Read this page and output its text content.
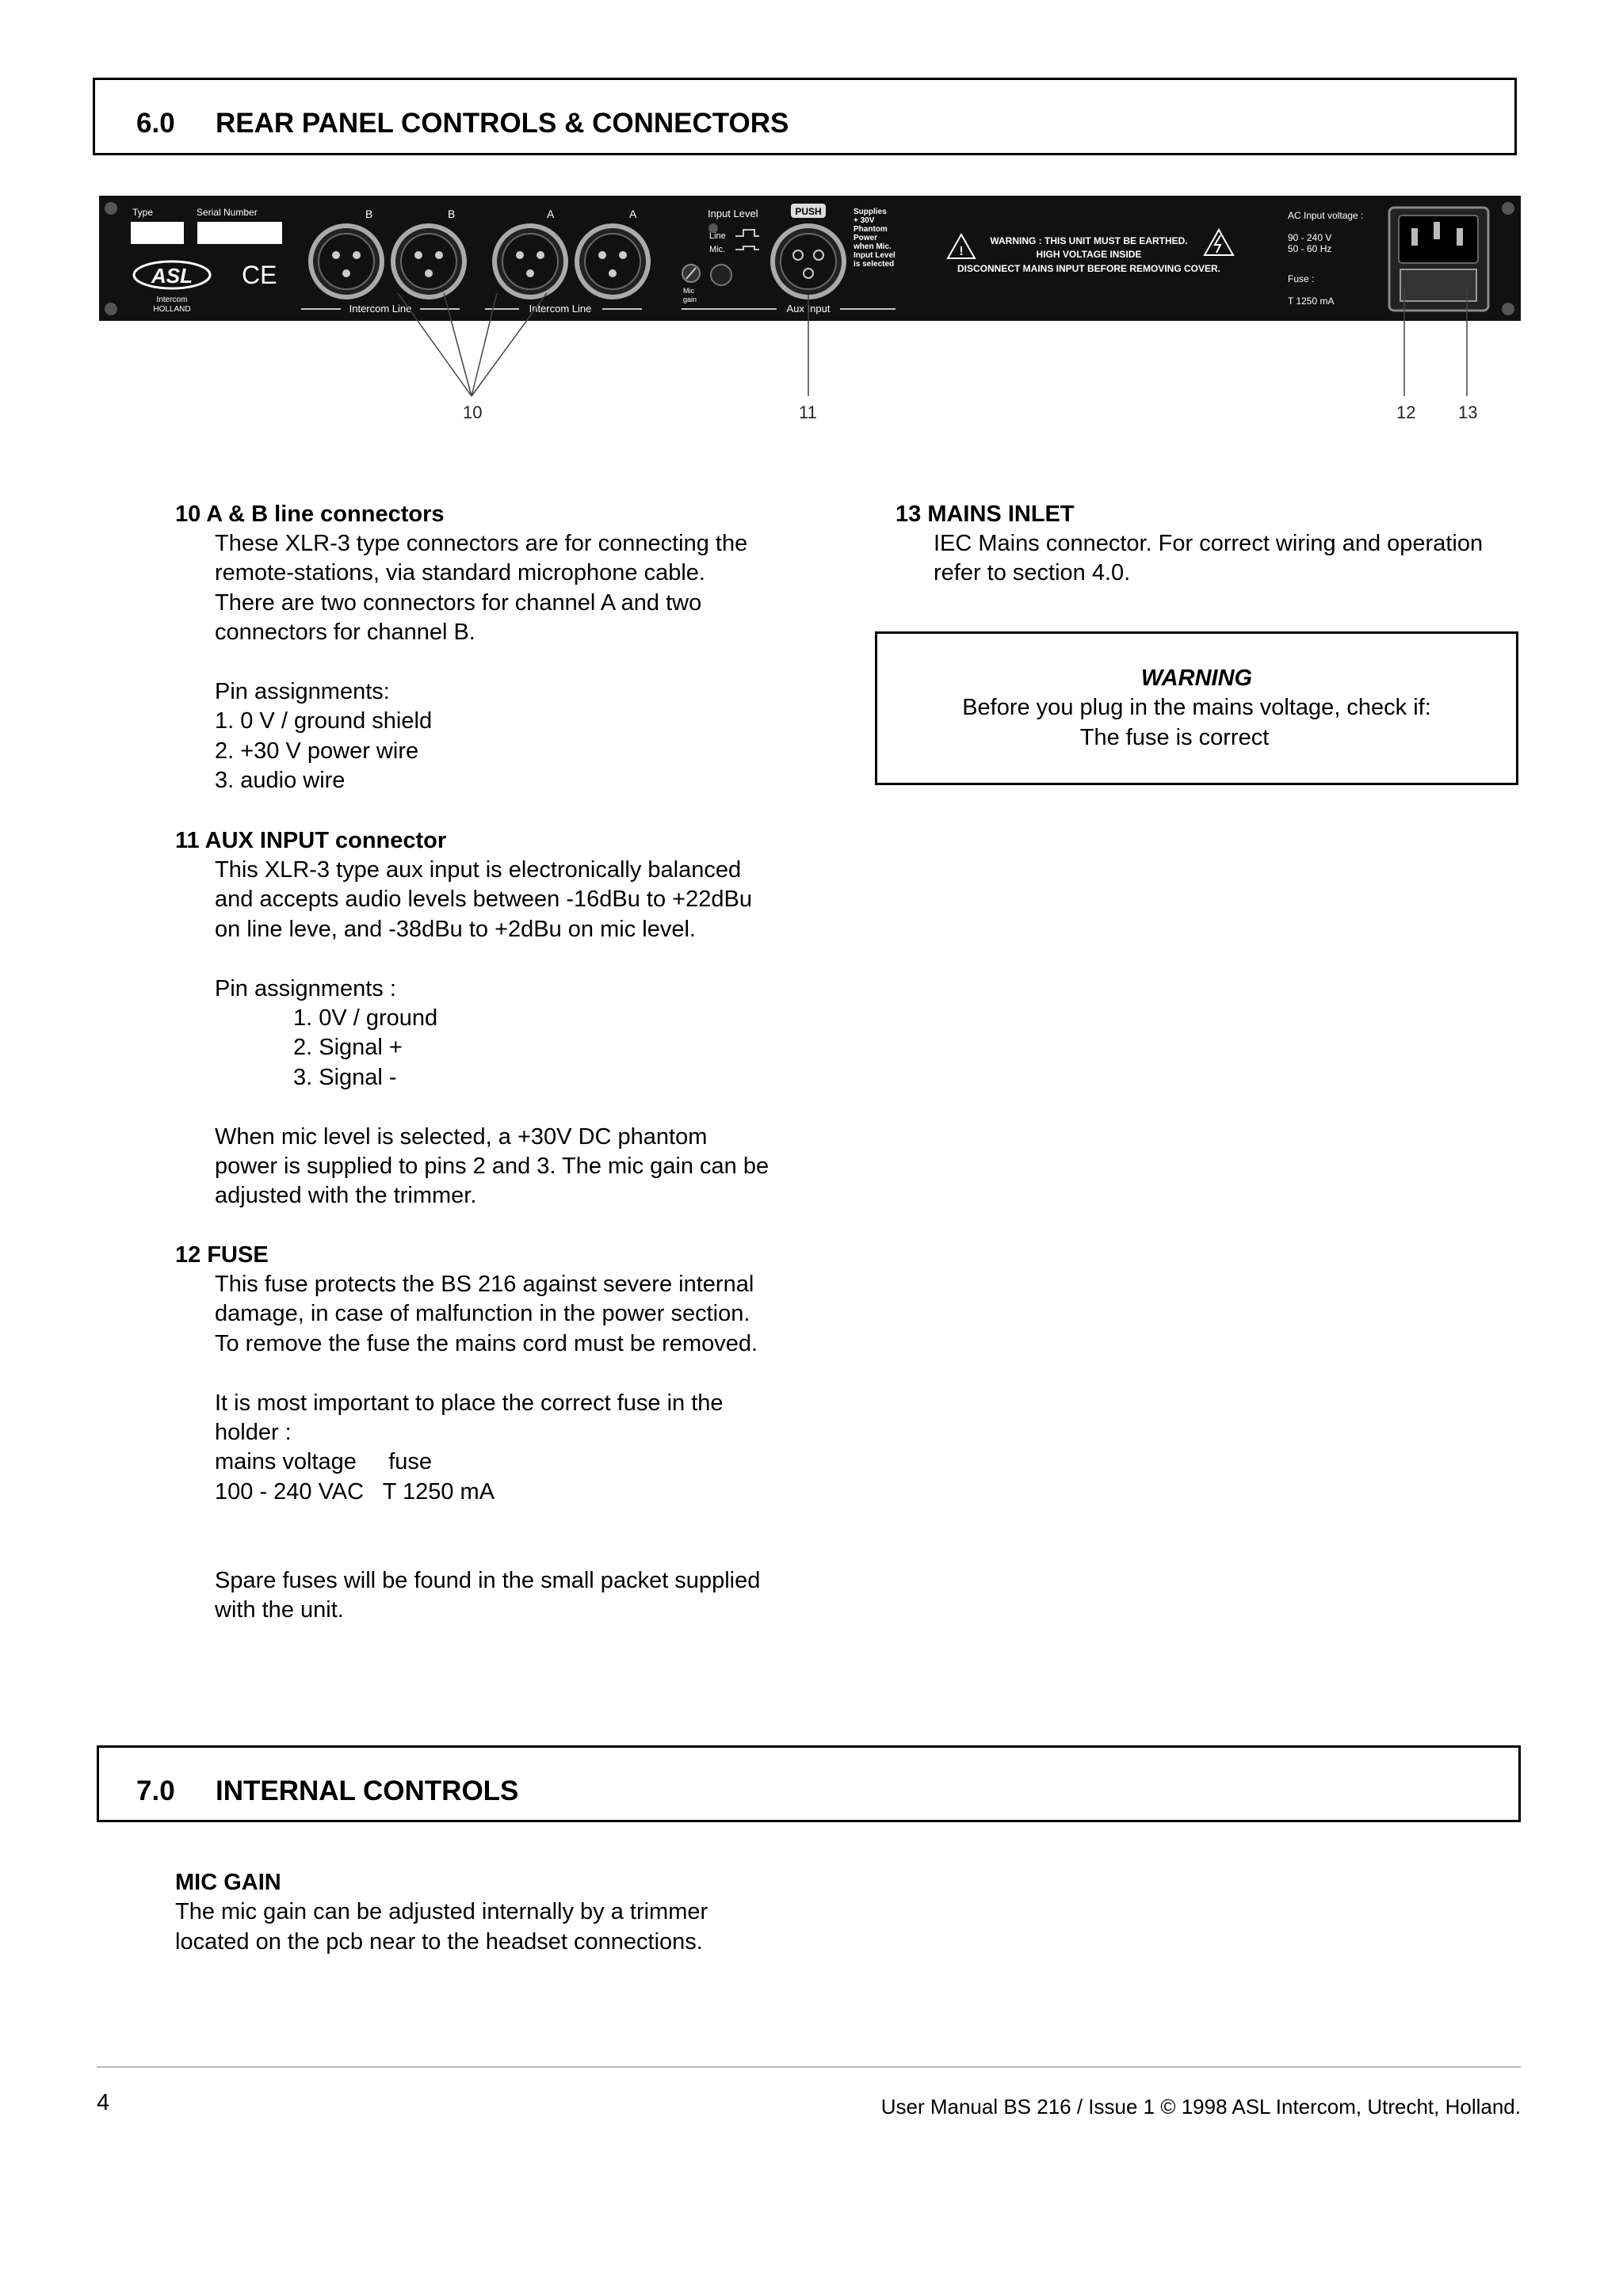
6.0 REAR PANEL CONTROLS & CONNECTORS
Type	Serial Number
ASL
Intercom
HOLLAND
CE
B	B	A	A
Intercom Line	Intercom Line
Input Level
Line
Mic.
Mic
gain
PUSH
Aux Input
Supplies
+ 30V
Phantom
Power
when Mic.
Input Level
is selected
!
WARNING : THIS UNIT MUST BE EARTHED.
HIGH VOLTAGE INSIDE
DISCONNECT MAINS INPUT BEFORE REMOVING COVER.
AC Input voltage :
90 - 240 V
50 - 60 Hz
Fuse :
T 1250 mA
10	11	12 13
10 A & B line connectors
These XLR-3 type connectors are for connecting the
remote-stations, via standard microphone cable.
There are two connectors for channel A and two
connectors for channel B.

Pin assignments:
1. 0 V / ground shield
2. +30 V power wire
3. audio wire
11 AUX INPUT connector
This XLR-3 type aux input is electronically balanced
and accepts audio levels between -16dBu to +22dBu
on line leve, and -38dBu to +2dBu on mic level.

Pin assignments :
1. 0V / ground
2. Signal +
3. Signal -

When mic level is selected, a +30V DC phantom
power is supplied to pins 2 and 3. The mic gain can be
adjusted with the trimmer.
12 FUSE
This fuse protects the BS 216 against severe internal
damage, in case of malfunction in the power section.
To remove the fuse the mains cord must be removed.

It is most important to place the correct fuse in the
holder :
mains voltage     fuse
100 - 240 VAC   T 1250 mA

Spare fuses will be found in the small packet supplied
with the unit.
13 MAINS INLET
IEC Mains connector. For correct wiring and operation
refer to section 4.0.
WARNING
Before you plug in the mains voltage, check if:
The fuse is correct
7.0 INTERNAL CONTROLS
MIC GAIN
The mic gain can be adjusted internally by a trimmer
located on the pcb near to the headset connections.
4	User Manual BS 216 / Issue 1 © 1998 ASL Intercom, Utrecht, Holland.
